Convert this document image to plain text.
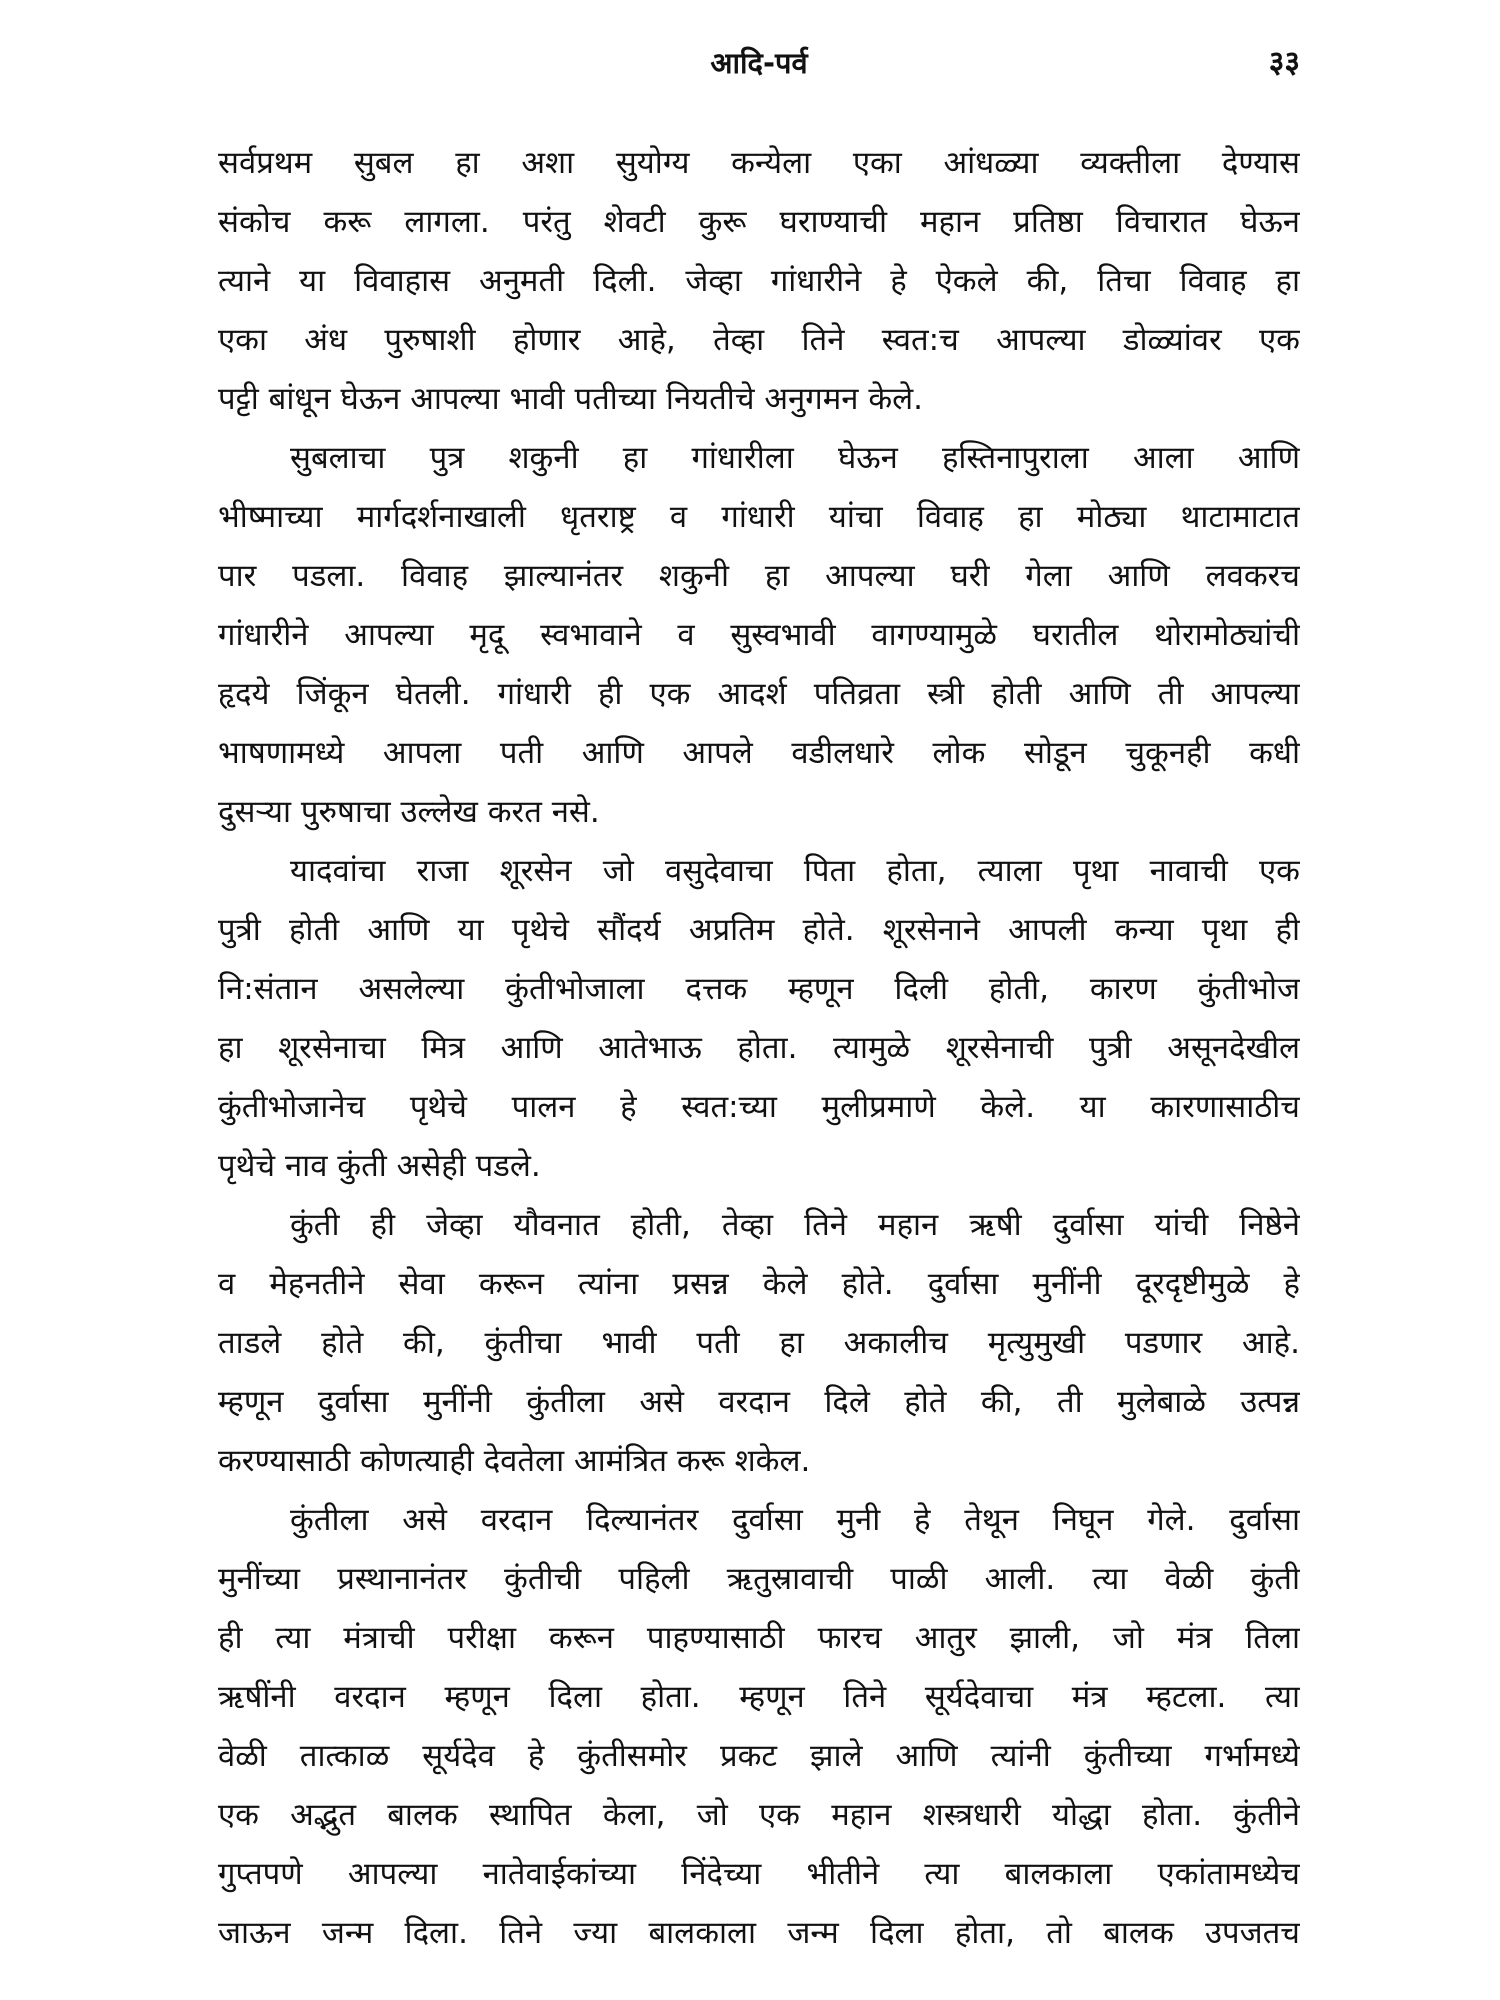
आदि-पर्व	३३
सर्वप्रथम सुबल हा अशा सुयोग्य कन्येला एका आंधळ्या व्यक्तीला देण्यास
संकोच करू लागला. परंतु शेवटी कुरू घराण्याची महान प्रतिष्ठा विचारात घेऊन
त्याने या विवाहास अनुमती दिली. जेव्हा गांधारीने हे ऐकले की, तिचा विवाह हा
एका अंध पुरुषाशी होणार आहे, तेव्हा तिने स्वत:च आपल्या डोळ्यांवर एक
पट्टी बांधून घेऊन आपल्या भावी पतीच्या नियतीचे अनुगमन केले.
सुबलाचा पुत्र शकुनी हा गांधारीला घेऊन हस्तिनापुराला आला आणि
भीष्माच्या मार्गदर्शनाखाली धृतराष्ट्र व गांधारी यांचा विवाह हा मोठ्या थाटामाटात
पार पडला. विवाह झाल्यानंतर शकुनी हा आपल्या घरी गेला आणि लवकरच
गांधारीने आपल्या मृदू स्वभावाने व सुस्वभावी वागण्यामुळे घरातील थोरामोठ्यांची
हृदये जिंकून घेतली. गांधारी ही एक आदर्श पतिव्रता स्त्री होती आणि ती आपल्या
भाषणामध्ये आपला पती आणि आपले वडीलधारे लोक सोडून चुकूनही कधी
दुसऱ्या पुरुषाचा उल्लेख करत नसे.
यादवांचा राजा शूरसेन जो वसुदेवाचा पिता होता, त्याला पृथा नावाची एक
पुत्री होती आणि या पृथेचे सौंदर्य अप्रतिम होते. शूरसेनाने आपली कन्या पृथा ही
नि:संतान असलेल्या कुंतीभोजाला दत्तक म्हणून दिली होती, कारण कुंतीभोज
हा शूरसेनाचा मित्र आणि आतेभाऊ होता. त्यामुळे शूरसेनाची पुत्री असूनदेखील
कुंतीभोजानेच पृथेचे पालन हे स्वत:च्या मुलीप्रमाणे केले. या कारणासाठीच
पृथेचे नाव कुंती असेही पडले.
कुंती ही जेव्हा यौवनात होती, तेव्हा तिने महान ऋषी दुर्वासा यांची निष्ठेने
व मेहनतीने सेवा करून त्यांना प्रसन्न केले होते. दुर्वासा मुनींनी दूरदृष्टीमुळे हे
ताडले होते की, कुंतीचा भावी पती हा अकालीच मृत्युमुखी पडणार आहे.
म्हणून दुर्वासा मुनींनी कुंतीला असे वरदान दिले होते की, ती मुलेबाळे उत्पन्न
करण्यासाठी कोणत्याही देवतेला आमंत्रित करू शकेल.
कुंतीला असे वरदान दिल्यानंतर दुर्वासा मुनी हे तेथून निघून गेले. दुर्वासा
मुनींच्या प्रस्थानानंतर कुंतीची पहिली ऋतुस्रावाची पाळी आली. त्या वेळी कुंती
ही त्या मंत्राची परीक्षा करून पाहण्यासाठी फारच आतुर झाली, जो मंत्र तिला
ऋषींनी वरदान म्हणून दिला होता. म्हणून तिने सूर्यदेवाचा मंत्र म्हटला. त्या
वेळी तात्काळ सूर्यदेव हे कुंतीसमोर प्रकट झाले आणि त्यांनी कुंतीच्या गर्भामध्ये
एक अद्भुत बालक स्थापित केला, जो एक महान शस्त्रधारी योद्धा होता. कुंतीने
गुप्तपणे आपल्या नातेवाईकांच्या निंदेच्या भीतीने त्या बालकाला एकांतामध्येच
जाऊन जन्म दिला. तिने ज्या बालकाला जन्म दिला होता, तो बालक उपजतच
